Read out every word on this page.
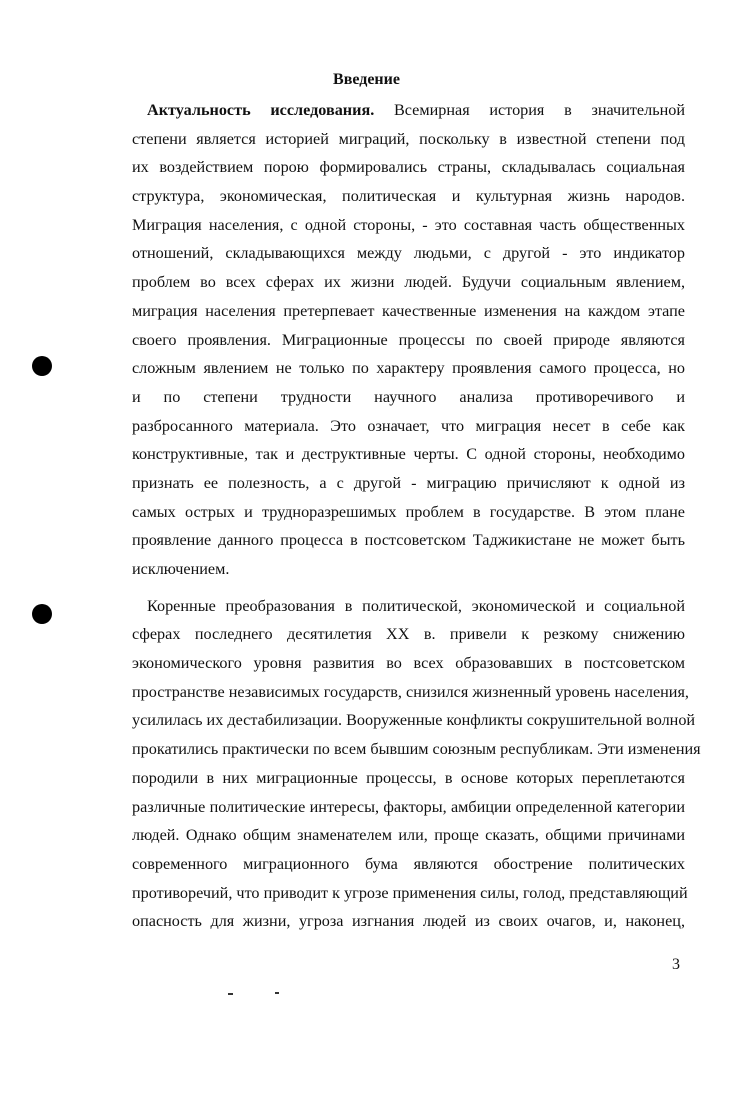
Введение
Актуальность исследования. Всемирная история в значительной
степени является историей миграций, поскольку в известной степени под
их воздействием порою формировались страны, складывалась социальная
структура, экономическая, политическая и культурная жизнь народов.
Миграция населения, с одной стороны, - это составная часть общественных
отношений, складывающихся между людьми, с другой - это индикатор
проблем во всех сферах их жизни людей. Будучи социальным явлением,
миграция населения претерпевает качественные изменения на каждом этапе
своего проявления. Миграционные процессы по своей природе являются
сложным явлением не только по характеру проявления самого процесса, но
и по степени трудности научного анализа противоречивого и
разбросанного материала. Это означает, что миграция несет в себе как
конструктивные, так и деструктивные черты. С одной стороны, необходимо
признать ее полезность, а с другой - миграцию причисляют к одной из
самых острых и трудноразрешимых проблем в государстве. В этом плане
проявление данного процесса в постсоветском Таджикистане не может быть
исключением.
Коренные преобразования в политической, экономической и социальной
сферах последнего десятилетия XX в. привели к резкому снижению
экономического уровня развития во всех образовавших в постсоветском
пространстве независимых государств, снизился жизненный уровень населения,
усилилась их дестабилизации. Вооруженные конфликты сокрушительной волной
прокатились практически по всем бывшим союзным республикам. Эти изменения
породили в них миграционные процессы, в основе которых переплетаются
различные политические интересы, факторы, амбиции определенной категории
людей. Однако общим знаменателем или, проще сказать, общими причинами
современного миграционного бума являются обострение политических
противоречий, что приводит к угрозе применения силы, голод, представляющий
опасность для жизни, угроза изгнания людей из своих очагов, и, наконец,
3
